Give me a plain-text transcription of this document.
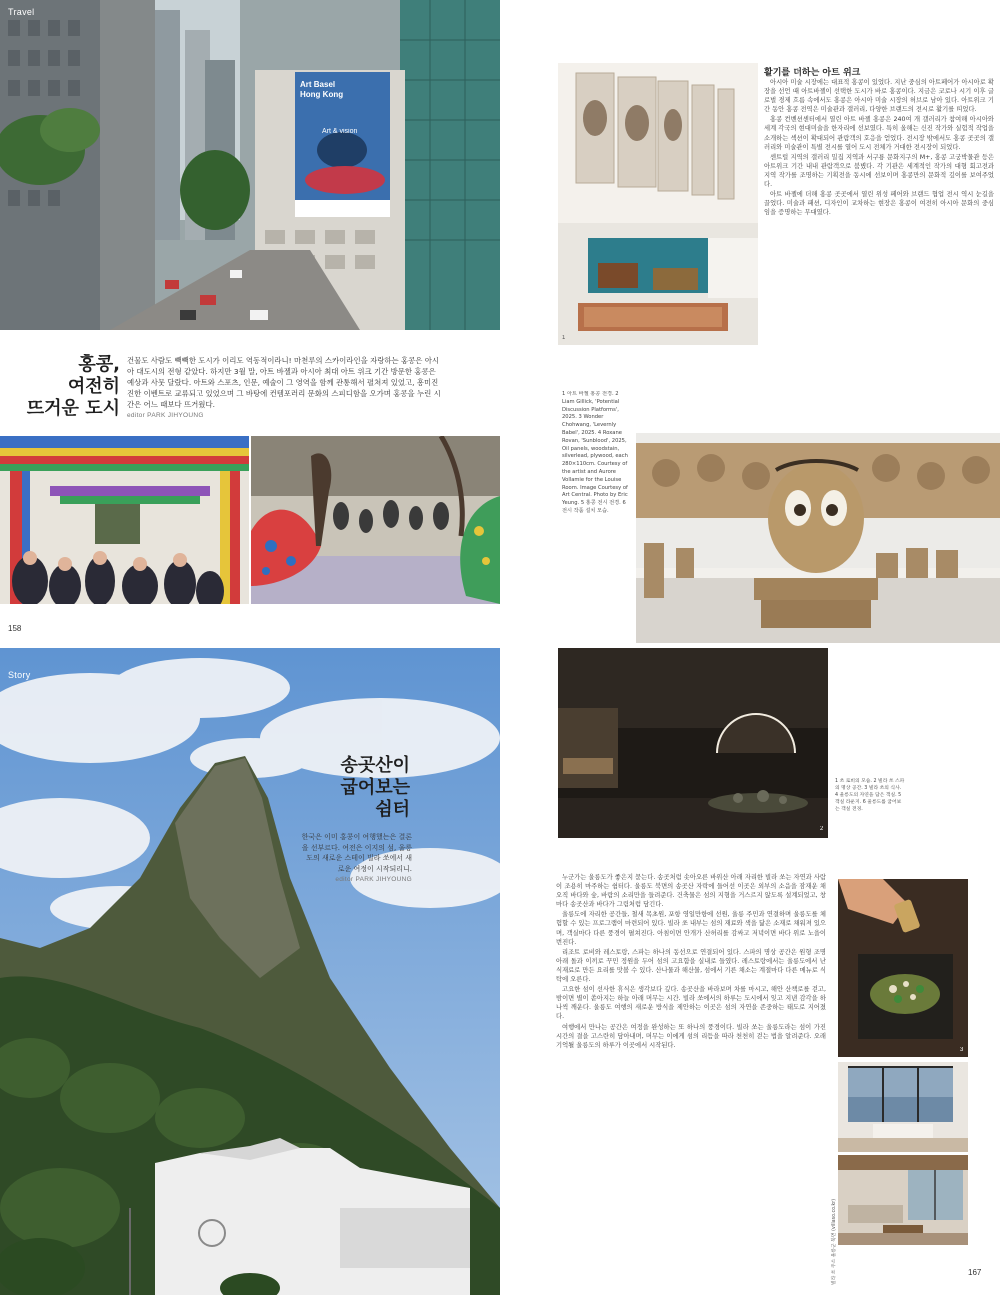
Travel
Art Basel
Hong Kong
Art & vision
홍콩,
여전히
뜨거운 도시
건물도 사람도 빽빽한 도시가 이리도 역동적이라니! 마천루의 스카이라인을 자랑하는 홍콩은 아시아 대도시의 전형 같았다. 하지만 3월 말, 아트 바젤과 아시아 최대 아트 위크 기간 방문한 홍콩은 예상과 사뭇 달랐다. 아트와 스포츠, 인문, 예술이 그 영역을 함께 관통해서 펼쳐져 있었고, 흥미진진한 이벤트로 교류되고 있었으며 그 바탕에 컨템포러리 문화의 스피디함을 오가며 홍콩을 누린 시간은 어느 때보다 뜨거웠다.
editor PARK JIHYOUNG
158
1
활기를 더하는 아트 위크

아시아 미술 시장에는 대표적 홍콩이 있었다. 지난 중심의 아트페어가 아시아로 확장을 선언 때 아트바젤이 선택한 도시가 바로 홍콩이다. 지금은 코로나 시기 이후 글로벌 경제 흐름 속에서도 홍콩은 아시아 미술 시장의 허브로 남아 있다. 아트위크 기간 동안 홍콩 전역은 미술관과 갤러리, 다양한 브랜드의 전시로 활기를 띠었다.

홍콩 컨벤션센터에서 열린 아트 바젤 홍콩은 240여 개 갤러리가 참여해 아시아와 세계 각국의 현대미술을 한자리에 선보였다. 특히 올해는 신진 작가와 실험적 작업을 소개하는 섹션이 확대되어 관람객의 호응을 얻었다. 전시장 밖에서도 홍콩 곳곳의 갤러리와 미술관이 특별 전시를 열어 도시 전체가 거대한 전시장이 되었다.

센트럴 지역의 갤러리 밀집 지역과 서구룡 문화지구의 M+, 홍콩 고궁박물관 등은 아트위크 기간 내내 관람객으로 붐볐다. 각 기관은 세계적인 작가의 대형 회고전과 지역 작가를 조명하는 기획전을 동시에 선보이며 홍콩만의 문화적 깊이를 보여주었다.

아트 바젤에 더해 홍콩 곳곳에서 열린 위성 페어와 브랜드 협업 전시 역시 눈길을 끌었다. 미술과 패션, 디자인이 교차하는 현장은 홍콩이 여전히 아시아 문화의 중심임을 증명하는 무대였다.

1 아트 바젤 홍콩 전경. 2 Liam Gillick, 'Potential Discussion Platforms', 2025. 3 Wonder Chohwang, 'Levernly Babel', 2025. 4 Roxane Rovan, 'Sunblood', 2025, Oil panels, woodstain, silverlead, plywood, each 280×110cm. Courtesy of the artist and Aurore Vollamie for the Louise Room. Image Courtesy of Art Central. Photo by Eric Yeung. 5 홍콩 전시 전경. 6 전시 작품 설치 모습.
Story
송곳산이
굽어보는
쉼터
한국은 이미 홍콩이 여행했는은 결론을 선부르다. 여전은 이지의 섬, 울릉도의 새로운 스테이 빌라 쏘에서 새로운 여정이 시작되리니.
editor PARK JIHYOUNG
2
1 쏘 로비의 모습. 2 빌라 쏘 스파의 명상 공간. 3 빌라 쏘의 식사. 4 울릉도의 자연을 담은 객실. 5 객실 라운지. 6 울릉도를 굽어보는 객실 전경.

누군가는 울릉도가 좋은지 묻는다. 송곳처럼 솟아오른 바위산 아래 자리한 빌라 쏘는 자연과 사람이 조용히 마주하는 쉼터다. 울릉도 북면의 송곳산 자락에 들어선 이곳은 외부의 소음을 잠재운 채 오직 바다와 숲, 바람의 소리만을 들려준다. 건축물은 섬의 지형을 거스르지 않도록 설계되었고, 창마다 송곳산과 바다가 그림처럼 담긴다.

울릉도에 자리한 공간들, 철새 목초원, 포항 영일만항에 선원, 울릉 주민과 연결하며 울릉도를 체험할 수 있는 프로그램이 마련되어 있다. 빌라 쏘 내부는 섬의 재료와 색을 닮은 소재로 채워져 있으며, 객실마다 다른 풍경이 펼쳐진다. 아침이면 안개가 산허리를 감싸고 저녁이면 바다 위로 노을이 번진다.

리조트 로비와 레스토랑, 스파는 하나의 동선으로 연결되어 있다. 스파의 명상 공간은 원형 조명 아래 돌과 이끼로 꾸민 정원을 두어 섬의 고요함을 실내로 들였다. 레스토랑에서는 울릉도에서 난 식재료로 만든 요리를 맛볼 수 있다. 산나물과 해산물, 섬에서 기른 채소는 계절마다 다른 메뉴로 식탁에 오른다.

고요한 섬이 선사한 휴식은 생각보다 깊다. 송곳산을 바라보며 차를 마시고, 해안 산책로를 걷고, 밤이면 별이 쏟아지는 하늘 아래 머무는 시간. 빌라 쏘에서의 하루는 도시에서 잊고 지낸 감각을 하나씩 깨운다. 울릉도 여행의 새로운 방식을 제안하는 이곳은 섬의 자연을 존중하는 태도로 지어졌다.

여행에서 만나는 공간은 여정을 완성하는 또 하나의 풍경이다. 빌라 쏘는 울릉도라는 섬이 가진 시간의 결을 고스란히 담아내며, 머무는 이에게 섬의 리듬을 따라 천천히 걷는 법을 알려준다. 오래 기억될 울릉도의 하루가 이곳에서 시작된다.

3
빌라 쏘 주소 울릉군 북면 (villaso.co.kr)	167
